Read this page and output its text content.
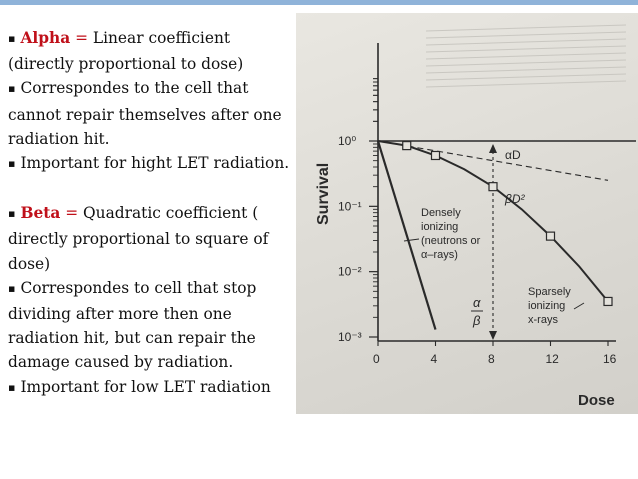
▪ Alpha = Linear coefficient (directly proportional to dose)

▪ Correspondes to the cell that cannot repair themselves after one radiation hit.

▪ Important for hight LET radiation.

▪ Beta = Quadratic coefficient ( directly proportional to square of dose)

▪ Correspondes to cell that stop dividing after more then one radiation hit, but can repair the damage caused by radiation.

▪ Important for low LET radiation

10⁰
10⁻¹
10⁻²
10⁻³
0	4	8	12	16
Dose
Survival
αD
βD²
Densely
ionizing
(neutrons or
α–rays)
Sparsely
ionizing
x-rays
α
β
